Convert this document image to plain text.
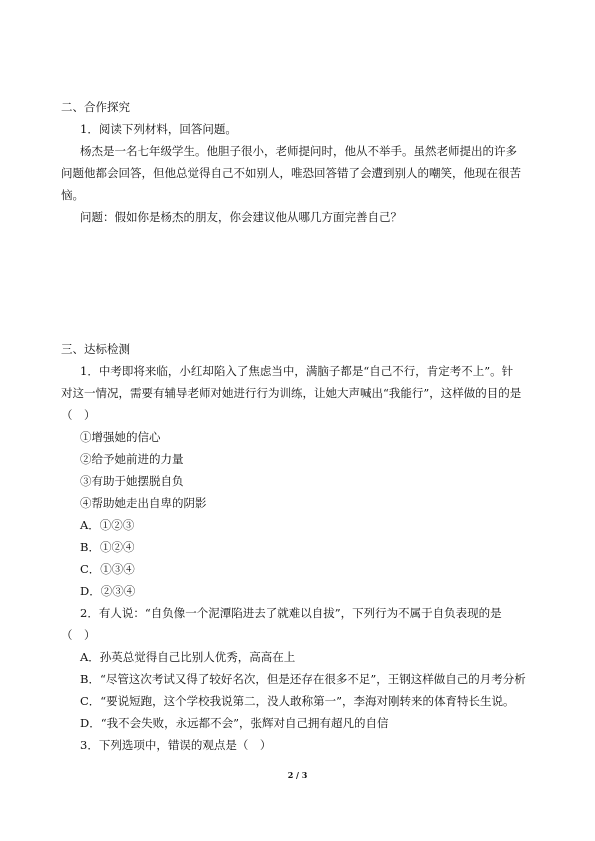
二、合作探究
1．阅读下列材料，回答问题。
杨杰是一名七年级学生。他胆子很小，老师提问时，他从不举手。虽然老师提出的许多
问题他都会回答，但他总觉得自己不如别人，唯恐回答错了会遭到别人的嘲笑，他现在很苦
恼。
问题：假如你是杨杰的朋友，你会建议他从哪几方面完善自己？
三、达标检测
1．中考即将来临，小红却陷入了焦虑当中，满脑子都是“自己不行，肯定考不上”。针
对这一情况，需要有辅导老师对她进行行为训练，让她大声喊出“我能行”，这样做的目的是
（　）
①增强她的信心
②给予她前进的力量
③有助于她摆脱自负
④帮助她走出自卑的阴影
A．①②③
B．①②④
C．①③④
D．②③④
2．有人说：“自负像一个泥潭陷进去了就难以自拔”，下列行为不属于自负表现的是
（　）
A．孙英总觉得自己比别人优秀，高高在上
B．“尽管这次考试又得了较好名次，但是还存在很多不足”，王钢这样做自己的月考分析
C．“要说短跑，这个学校我说第二，没人敢称第一”，李海对刚转来的体育特长生说。
D．“我不会失败，永远都不会”，张辉对自己拥有超凡的自信
3．下列选项中，错误的观点是（　）
2 / 3
